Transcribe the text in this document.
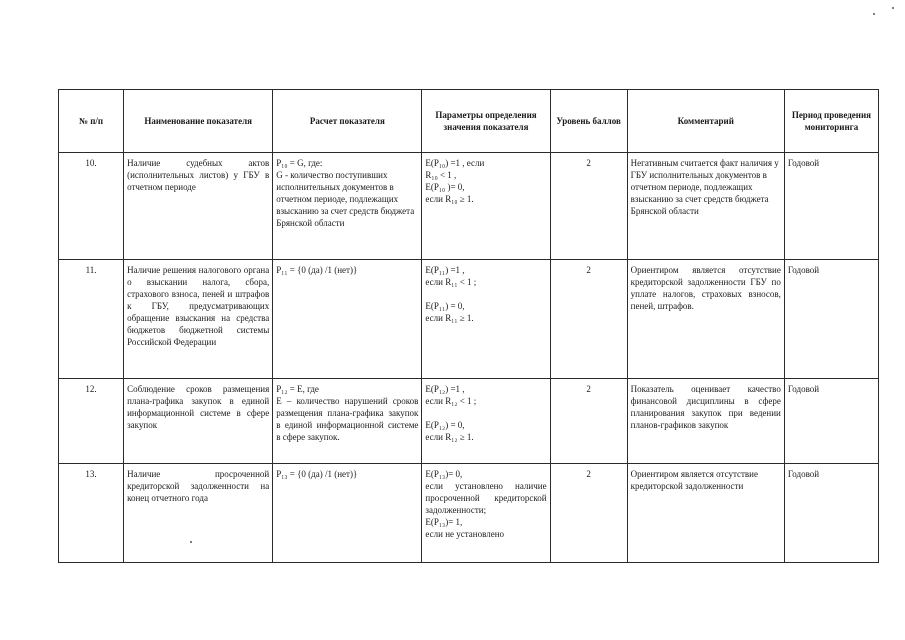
№ п/п	Наименование показателя	Расчет показателя	Параметры определения значения показателя	Уровень баллов	Комментарий	Период проведения мониторинга
10.	Наличие судебных актов (исполнительных листов) у ГБУ в отчетном периоде	P₁₀ = G, где:
G - количество поступивших исполнительных документов в отчетном периоде, подлежащих взысканию за счет средств бюджета Брянской области	E(P₁₀) =1 , если
R₁₀ < 1 ,
E(P₁₀ )= 0,
если R₁₀ ≥ 1.	2	Негативным считается факт наличия у ГБУ исполнительных документов в отчетном периоде, подлежащих взысканию за счет средств бюджета Брянской области	Годовой
11.	Наличие решения налогового органа о взыскании налога, сбора, страхового взноса, пеней и штрафов к ГБУ, предусматривающих обращение взыскания на средства бюджетов бюджетной системы Российской Федерации	P₁₁ = {0 (да) /1 (нет)}	E(P₁₁) =1 ,
если R₁₁ < 1 ;

E(P₁₁) = 0,
если R₁₁ ≥ 1.	2	Ориентиром является отсутствие кредиторской задолженности ГБУ по уплате налогов, страховых взносов, пеней, штрафов.	Годовой
12.	Соблюдение сроков размещения плана-графика закупок в единой информационной системе в сфере закупок	P₁₂ = E, где
E – количество нарушений сроков размещения плана-графика закупок в единой информационной системе в сфере закупок.	E(P₁₂) =1 ,
если R₁₂ < 1 ;

E(P₁₂) = 0,
если R₁₂ ≥ 1.	2	Показатель оценивает качество финансовой дисциплины в сфере планирования закупок при ведении планов-графиков закупок	Годовой
13.	Наличие просроченной кредиторской задолженности на конец отчетного года	P₁₃ = {0 (да) /1 (нет)}	E(P₁₃)= 0,
если установлено наличие просроченной кредиторской задолженности;
E(P₁₃)= 1,
если не установлено	2	Ориентиром является отсутствие кредиторской задолженности	Годовой
